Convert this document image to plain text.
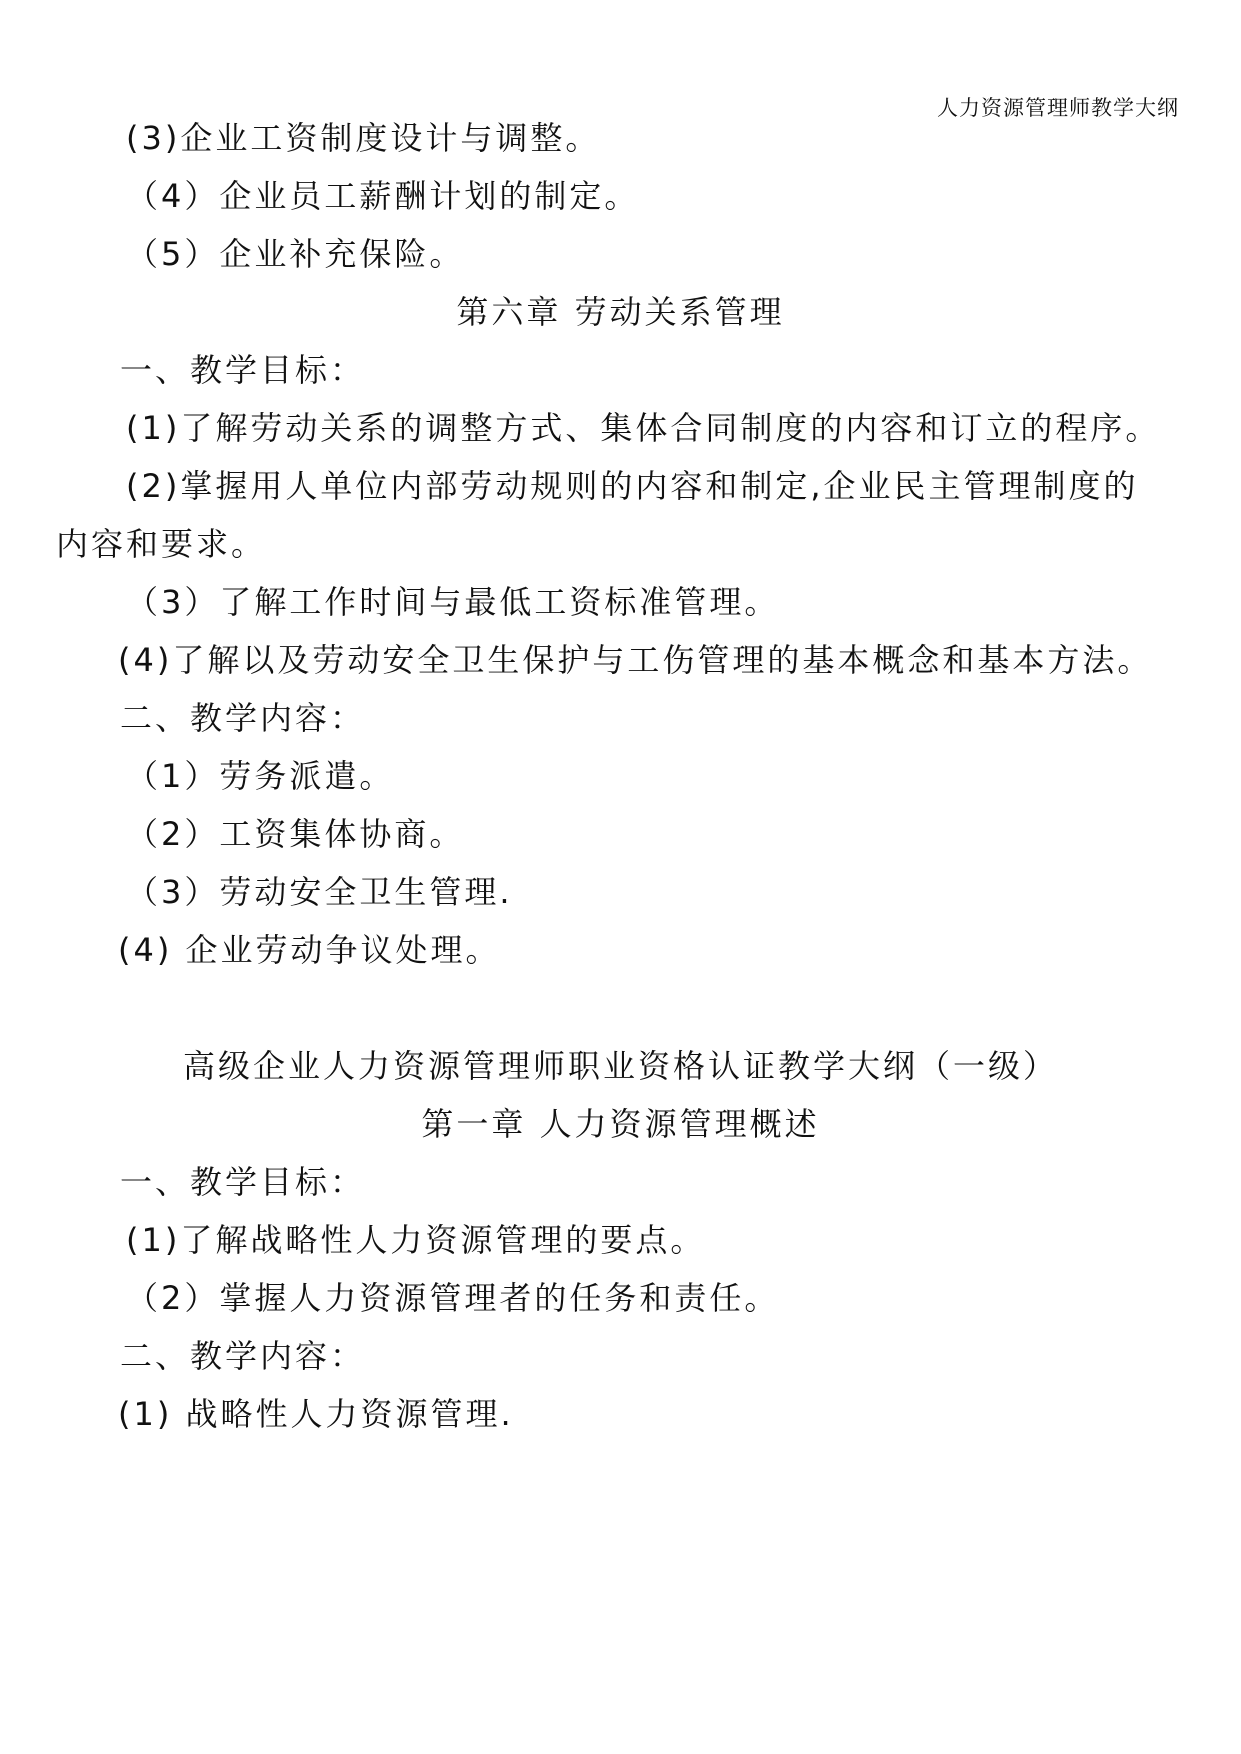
人力资源管理师教学大纲
(3)企业工资制度设计与调整。
（4）企业员工薪酬计划的制定。
（5）企业补充保险。
第六章 劳动关系管理
一、教学目标：
(1)了解劳动关系的调整方式、集体合同制度的内容和订立的程序。
(2)掌握用人单位内部劳动规则的内容和制定,企业民主管理制度的
内容和要求。
（3）了解工作时间与最低工资标准管理。
(4)了解以及劳动安全卫生保护与工伤管理的基本概念和基本方法。
二、教学内容：
（1）劳务派遣。
（2）工资集体协商。
（3）劳动安全卫生管理.
(4) 企业劳动争议处理。
高级企业人力资源管理师职业资格认证教学大纲（一级）
第一章 人力资源管理概述
一、教学目标：
(1)了解战略性人力资源管理的要点。
（2）掌握人力资源管理者的任务和责任。
二、教学内容：
(1) 战略性人力资源管理.
